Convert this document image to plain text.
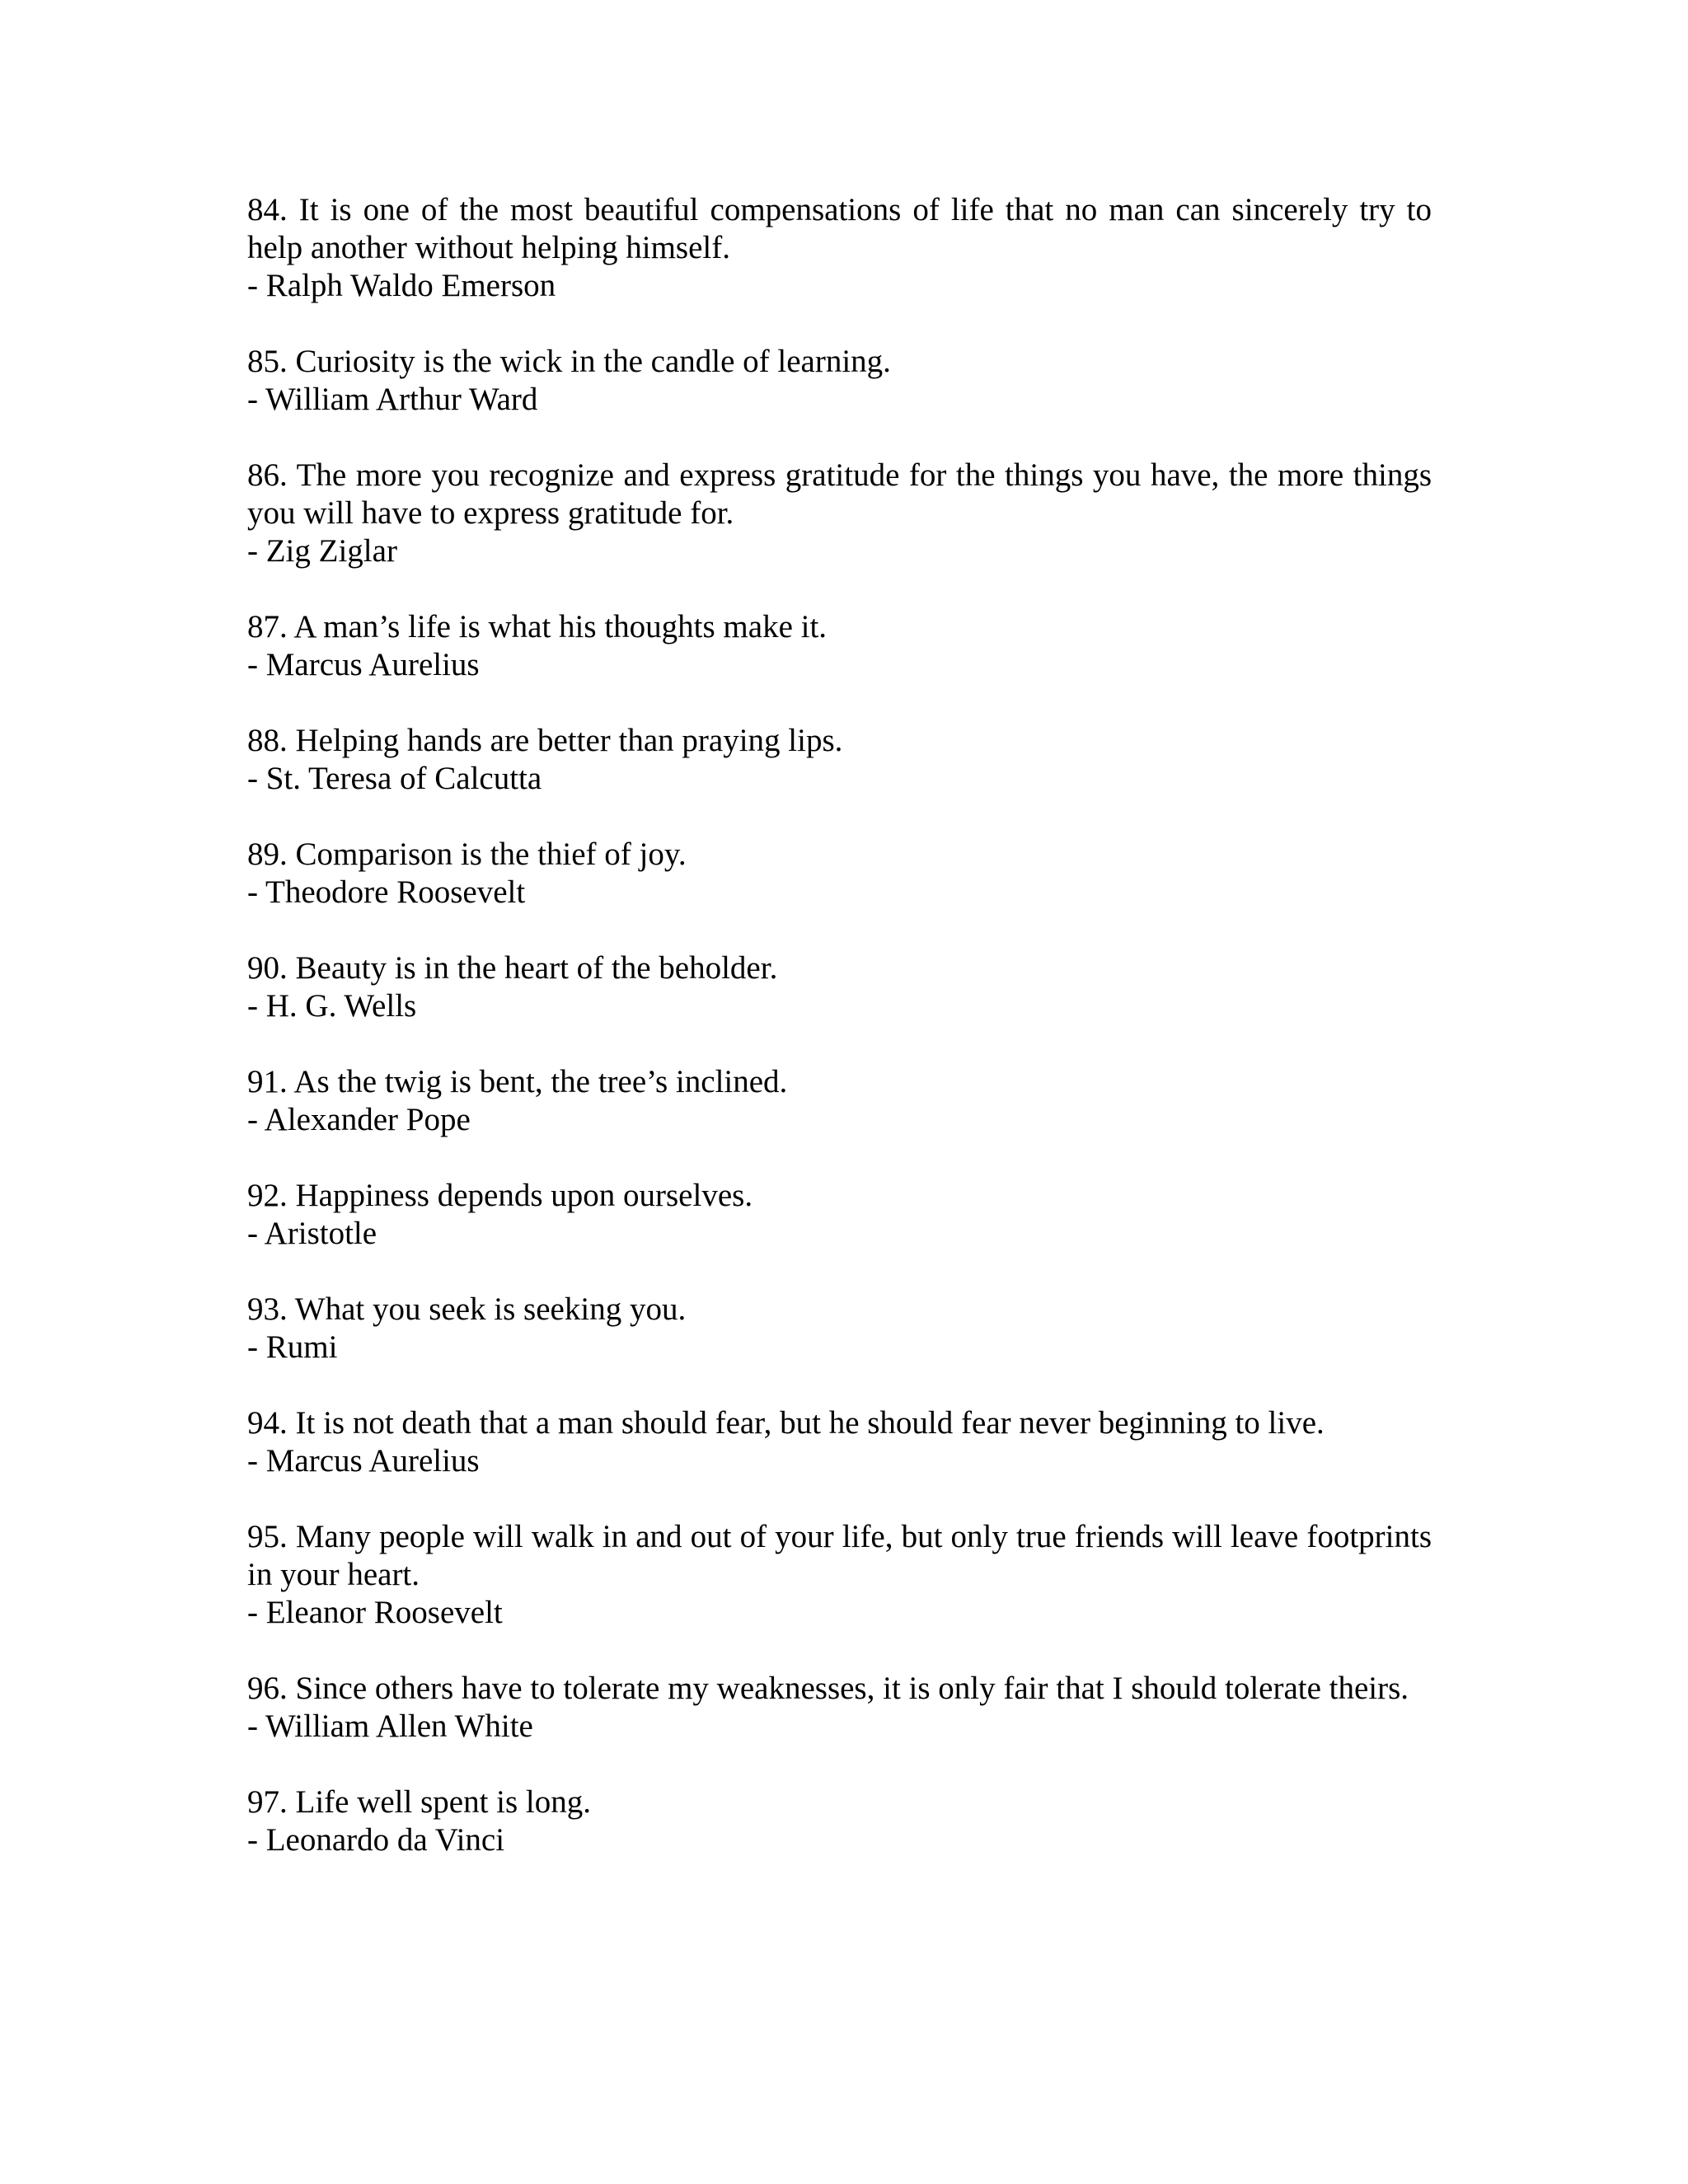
84. It is one of the most beautiful compensations of life that no man can sincerely try to help another without helping himself.

- Ralph Waldo Emerson

85. Curiosity is the wick in the candle of learning.

- William Arthur Ward

86. The more you recognize and express gratitude for the things you have, the more things you will have to express gratitude for.

- Zig Ziglar

87. A man’s life is what his thoughts make it.

- Marcus Aurelius

88. Helping hands are better than praying lips.

- St. Teresa of Calcutta

89. Comparison is the thief of joy.

- Theodore Roosevelt

90. Beauty is in the heart of the beholder.

- H. G. Wells

91. As the twig is bent, the tree’s inclined.

- Alexander Pope

92. Happiness depends upon ourselves.

- Aristotle

93. What you seek is seeking you.

- Rumi

94. It is not death that a man should fear, but he should fear never beginning to live.

- Marcus Aurelius

95. Many people will walk in and out of your life, but only true friends will leave footprints in your heart.

- Eleanor Roosevelt

96. Since others have to tolerate my weaknesses, it is only fair that I should tolerate theirs.

- William Allen White

97. Life well spent is long.

- Leonardo da Vinci
